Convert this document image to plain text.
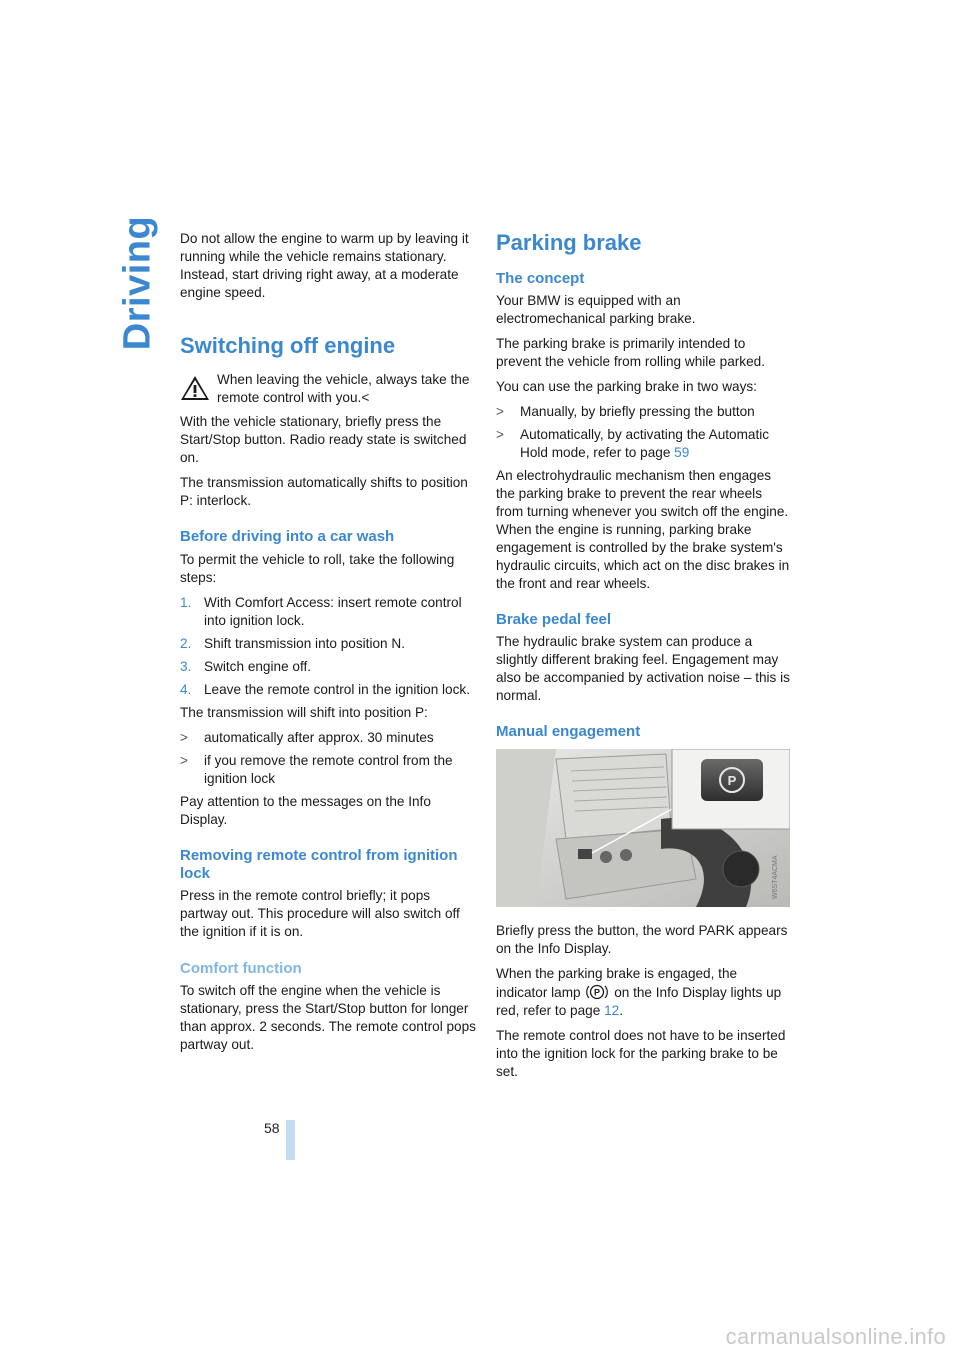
Driving Do not allow the engine to warm up by leaving it running while the vehicle remains stationary. Instead, start driving right away, at a moderate engine speed.

Switching off engine
When leaving the vehicle, always take the remote control with you.<

With the vehicle stationary, briefly press the Start/Stop button. Radio ready state is switched on.

The transmission automatically shifts to position P: interlock.

Before driving into a car wash

To permit the vehicle to roll, take the following steps:

1. With Comfort Access: insert remote control into ignition lock.
2. Shift transmission into position N.
3. Switch engine off.
4. Leave the remote control in the ignition lock.

The transmission will shift into position P:

> automatically after approx. 30 minutes
> if you remove the remote control from the ignition lock

Pay attention to the messages on the Info Display.

Removing remote control from ignition lock

Press in the remote control briefly; it pops partway out. This procedure will also switch off the ignition if it is on.

Comfort function

To switch off the engine when the vehicle is stationary, press the Start/Stop button for longer than approx. 2 seconds. The remote control pops partway out.

Parking brake
The concept

Your BMW is equipped with an electromechanical parking brake.

The parking brake is primarily intended to prevent the vehicle from rolling while parked.

You can use the parking brake in two ways:

> Manually, by briefly pressing the button
> Automatically, by activating the Automatic Hold mode, refer to page 59

An electrohydraulic mechanism then engages the parking brake to prevent the rear wheels from turning whenever you switch off the engine.

When the engine is running, parking brake engagement is controlled by the brake system's hydraulic circuits, which act on the disc brakes in the front and rear wheels.

Brake pedal feel

The hydraulic brake system can produce a slightly different braking feel. Engagement may also be accompanied by activation noise – this is normal.

Manual engagement
P
W6ST4ACMA

Briefly press the button, the word PARK appears on the Info Display.

When the parking brake is engaged, the indicator lamp P on the Info Display lights up red, refer to page 12.

The remote control does not have to be inserted into the ignition lock for the parking brake to be set.

58
carmanualsonline.info
